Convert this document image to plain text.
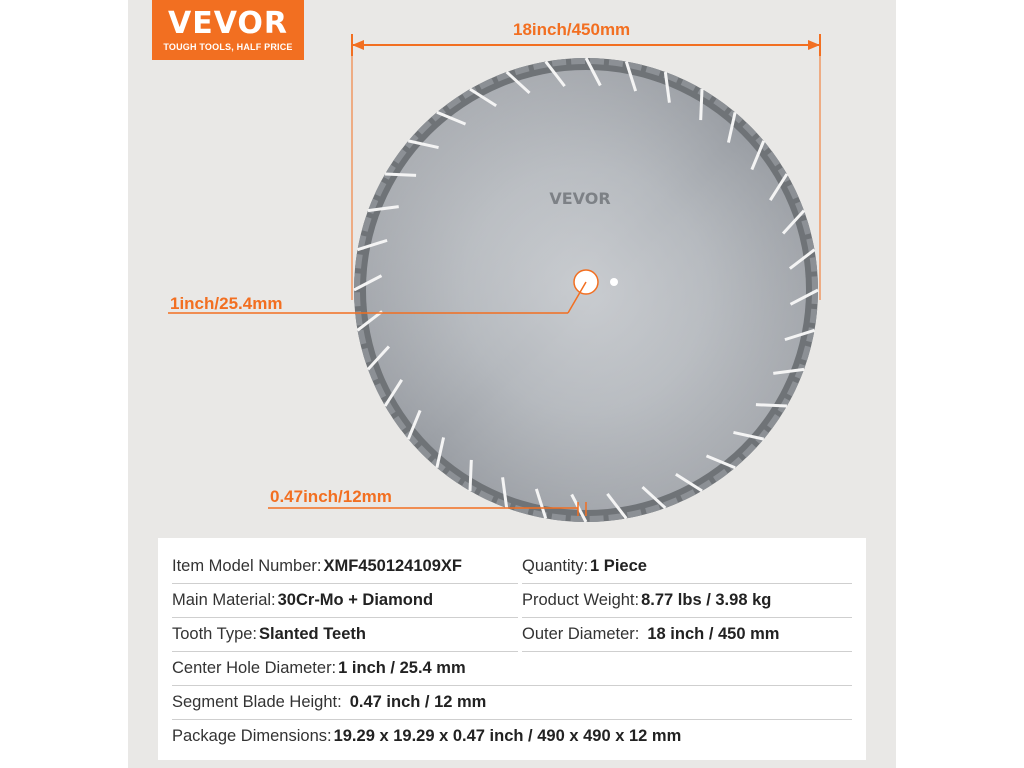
VEVOR
TOUGH TOOLS, HALF PRICE
VEVOR
18inch/450mm
1inch/25.4mm
0.47inch/12mm
Item Model Number: XMF450124109XF	Quantity: 1 Piece
Main Material: 30Cr-Mo + Diamond	Product Weight: 8.77 lbs / 3.98 kg
Tooth Type: Slanted Teeth	Outer Diameter: 18 inch / 450 mm
Center Hole Diameter: 1 inch / 25.4 mm
Segment Blade Height: 0.47 inch / 12 mm
Package Dimensions: 19.29 x 19.29 x 0.47 inch / 490 x 490 x 12 mm
